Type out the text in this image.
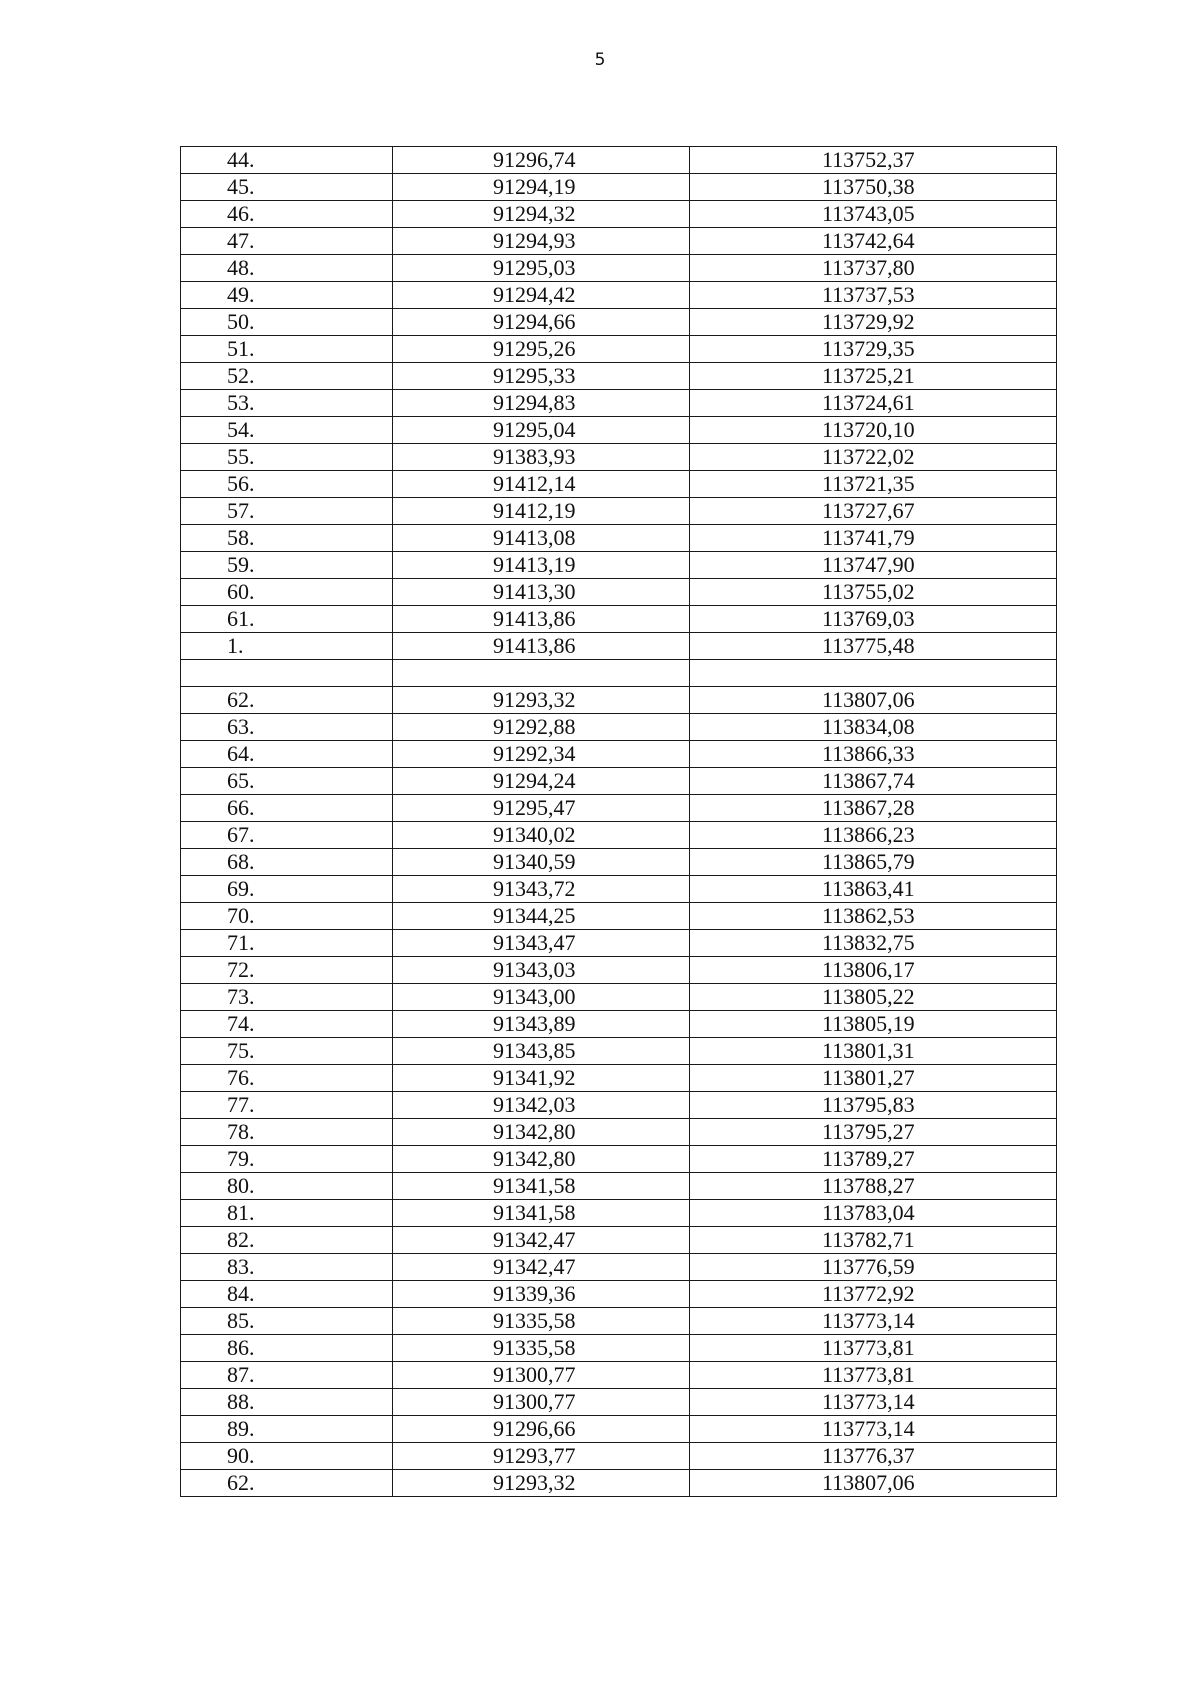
5
44.	91296,74	113752,37
45.	91294,19	113750,38
46.	91294,32	113743,05
47.	91294,93	113742,64
48.	91295,03	113737,80
49.	91294,42	113737,53
50.	91294,66	113729,92
51.	91295,26	113729,35
52.	91295,33	113725,21
53.	91294,83	113724,61
54.	91295,04	113720,10
55.	91383,93	113722,02
56.	91412,14	113721,35
57.	91412,19	113727,67
58.	91413,08	113741,79
59.	91413,19	113747,90
60.	91413,30	113755,02
61.	91413,86	113769,03
1.	91413,86	113775,48

62.	91293,32	113807,06
63.	91292,88	113834,08
64.	91292,34	113866,33
65.	91294,24	113867,74
66.	91295,47	113867,28
67.	91340,02	113866,23
68.	91340,59	113865,79
69.	91343,72	113863,41
70.	91344,25	113862,53
71.	91343,47	113832,75
72.	91343,03	113806,17
73.	91343,00	113805,22
74.	91343,89	113805,19
75.	91343,85	113801,31
76.	91341,92	113801,27
77.	91342,03	113795,83
78.	91342,80	113795,27
79.	91342,80	113789,27
80.	91341,58	113788,27
81.	91341,58	113783,04
82.	91342,47	113782,71
83.	91342,47	113776,59
84.	91339,36	113772,92
85.	91335,58	113773,14
86.	91335,58	113773,81
87.	91300,77	113773,81
88.	91300,77	113773,14
89.	91296,66	113773,14
90.	91293,77	113776,37
62.	91293,32	113807,06
